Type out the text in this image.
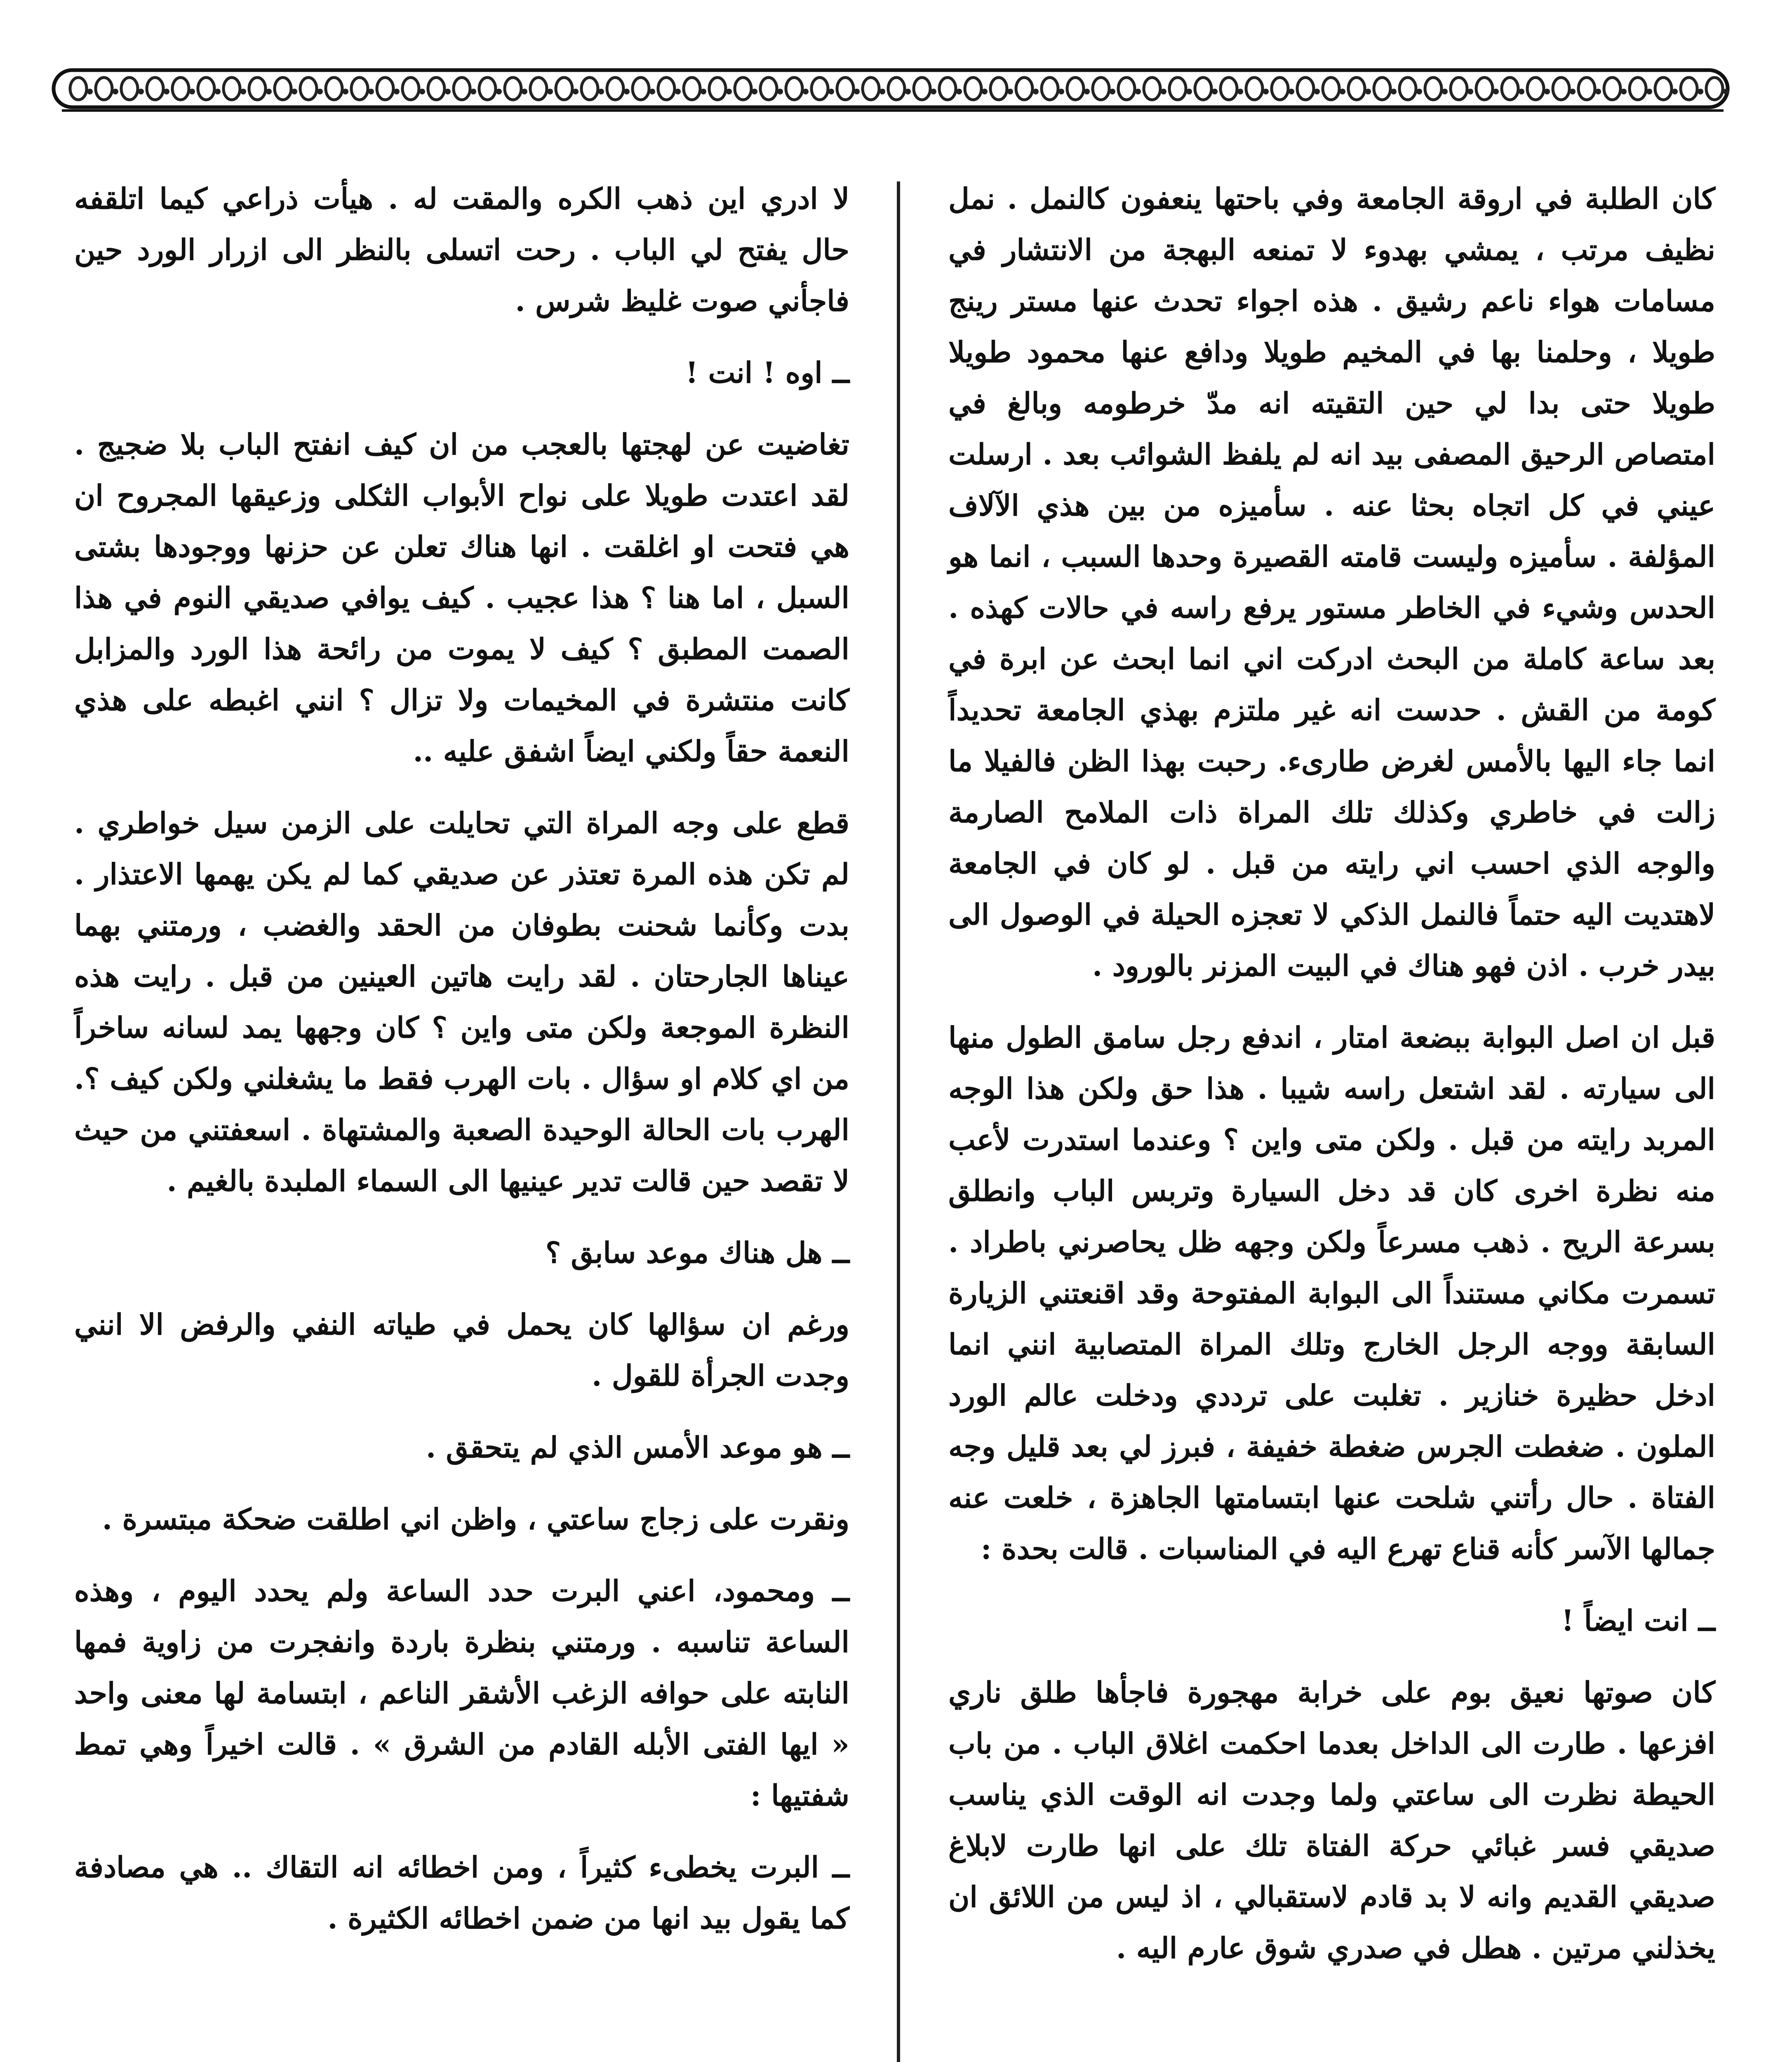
كان الطلبة في اروقة الجامعة وفي باحتها ينعفون كالنمل . نمل نظيف مرتب ، يمشي بهدوء لا تمنعه البهجة من الانتشار في مسامات هواء ناعم رشيق . هذه اجواء تحدث عنها مستر رينج طويلا ، وحلمنا بها في المخيم طويلا ودافع عنها محمود طويلا طويلا حتى بدا لي حين التقيته انه مدّ خرطومه وبالغ في امتصاص الرحيق المصفى بيد انه لم يلفظ الشوائب بعد . ارسلت عيني في كل اتجاه بحثا عنه . سأميزه من بين هذي الآلاف المؤلفة . سأميزه وليست قامته القصيرة وحدها السبب ، انما هو الحدس وشيء في الخاطر مستور يرفع راسه في حالات كهذه . بعد ساعة كاملة من البحث ادركت اني انما ابحث عن ابرة في كومة من القش . حدست انه غير ملتزم بهذي الجامعة تحديداً انما جاء اليها بالأمس لغرض طارىء. رحبت بهذا الظن فالفيلا ما زالت في خاطري وكذلك تلك المراة ذات الملامح الصارمة والوجه الذي احسب اني رايته من قبل . لو كان في الجامعة لاهتديت اليه حتماً فالنمل الذكي لا تعجزه الحيلة في الوصول الى بيدر خرب . اذن فهو هناك في البيت المزنر بالورود .

قبل ان اصل البوابة ببضعة امتار ، اندفع رجل سامق الطول منها الى سيارته . لقد اشتعل راسه شيبا . هذا حق ولكن هذا الوجه المربد رايته من قبل . ولكن متى واين ؟ وعندما استدرت لأعب منه نظرة اخرى كان قد دخل السيارة وتربس الباب وانطلق بسرعة الريح . ذهب مسرعاً ولكن وجهه ظل يحاصرني باطراد . تسمرت مكاني مستنداً الى البوابة المفتوحة وقد اقنعتني الزيارة السابقة ووجه الرجل الخارج وتلك المراة المتصابية انني انما ادخل حظيرة خنازير . تغلبت على ترددي ودخلت عالم الورد الملون . ضغطت الجرس ضغطة خفيفة ، فبرز لي بعد قليل وجه الفتاة . حال رأتني شلحت عنها ابتسامتها الجاهزة ، خلعت عنه جمالها الآسر كأنه قناع تهرع اليه في المناسبات . قالت بحدة :

ــ انت ايضاً !

كان صوتها نعيق بوم على خرابة مهجورة فاجأها طلق ناري افزعها . طارت الى الداخل بعدما احكمت اغلاق الباب . من باب الحيطة نظرت الى ساعتي ولما وجدت انه الوقت الذي يناسب صديقي فسر غبائي حركة الفتاة تلك على انها طارت لابلاغ صديقي القديم وانه لا بد قادم لاستقبالي ، اذ ليس من اللائق ان يخذلني مرتين . هطل في صدري شوق عارم اليه .

لا ادري اين ذهب الكره والمقت له . هيأت ذراعي كيما اتلقفه حال يفتح لي الباب . رحت اتسلى بالنظر الى ازرار الورد حين فاجأني صوت غليظ شرس .

ــ اوه ! انت !

تغاضيت عن لهجتها بالعجب من ان كيف انفتح الباب بلا ضجيج . لقد اعتدت طويلا على نواح الأبواب الثكلى وزعيقها المجروح ان هي فتحت او اغلقت . انها هناك تعلن عن حزنها ووجودها بشتى السبل ، اما هنا ؟ هذا عجيب . كيف يوافي صديقي النوم في هذا الصمت المطبق ؟ كيف لا يموت من رائحة هذا الورد والمزابل كانت منتشرة في المخيمات ولا تزال ؟ انني اغبطه على هذي النعمة حقاً ولكني ايضاً اشفق عليه ..

قطع على وجه المراة التي تحايلت على الزمن سيل خواطري . لم تكن هذه المرة تعتذر عن صديقي كما لم يكن يهمها الاعتذار . بدت وكأنما شحنت بطوفان من الحقد والغضب ، ورمتني بهما عيناها الجارحتان . لقد رايت هاتين العينين من قبل . رايت هذه النظرة الموجعة ولكن متى واين ؟ كان وجهها يمد لسانه ساخراً من اي كلام او سؤال . بات الهرب فقط ما يشغلني ولكن كيف ؟. الهرب بات الحالة الوحيدة الصعبة والمشتهاة . اسعفتني من حيث لا تقصد حين قالت تدير عينيها الى السماء الملبدة بالغيم .

ــ هل هناك موعد سابق ؟

ورغم ان سؤالها كان يحمل في طياته النفي والرفض الا انني وجدت الجرأة للقول .

ــ هو موعد الأمس الذي لم يتحقق .

ونقرت على زجاج ساعتي ، واظن اني اطلقت ضحكة مبتسرة .

ــ ومحمود، اعني البرت حدد الساعة ولم يحدد اليوم ، وهذه الساعة تناسبه . ورمتني بنظرة باردة وانفجرت من زاوية فمها النابته على حوافه الزغب الأشقر الناعم ، ابتسامة لها معنى واحد « ايها الفتى الأبله القادم من الشرق » . قالت اخيراً وهي تمط شفتيها :

ــ البرت يخطىء كثيراً ، ومن اخطائه انه التقاك .. هي مصادفة كما يقول بيد انها من ضمن اخطائه الكثيرة .
